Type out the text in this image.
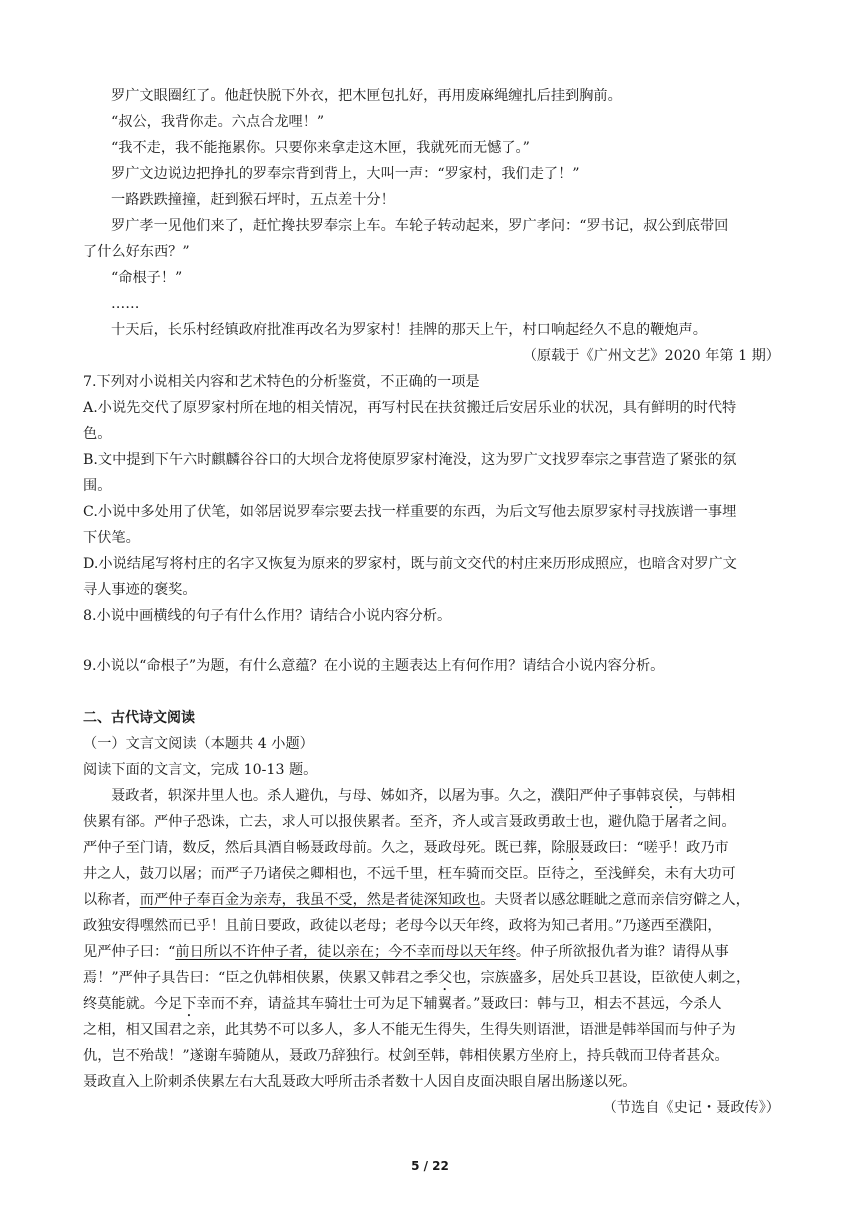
罗广文眼圈红了。他赶快脱下外衣，把木匣包扎好，再用废麻绳缠扎后挂到胸前。
“叔公，我背你走。六点合龙哩！”
“我不走，我不能拖累你。只要你来拿走这木匣，我就死而无憾了。”
罗广文边说边把挣扎的罗奉宗背到背上，大叫一声：“罗家村，我们走了！”
一路跌跌撞撞，赶到猴石坪时，五点差十分！
罗广孝一见他们来了，赶忙搀扶罗奉宗上车。车轮子转动起来，罗广孝问：“罗书记，叔公到底带回
了什么好东西？”
“命根子！”
……
十天后，长乐村经镇政府批准再改名为罗家村！挂牌的那天上午，村口响起经久不息的鞭炮声。
（原载于《广州文艺》2020 年第 1 期）
7.下列对小说相关内容和艺术特色的分析鉴赏，不正确的一项是
A.小说先交代了原罗家村所在地的相关情况，再写村民在扶贫搬迁后安居乐业的状况，具有鲜明的时代特
色。
B.文中提到下午六时麒麟谷谷口的大坝合龙将使原罗家村淹没，这为罗广文找罗奉宗之事营造了紧张的氛
围。
C.小说中多处用了伏笔，如邻居说罗奉宗要去找一样重要的东西，为后文写他去原罗家村寻找族谱一事埋
下伏笔。
D.小说结尾写将村庄的名字又恢复为原来的罗家村，既与前文交代的村庄来历形成照应，也暗含对罗广文
寻人事迹的褒奖。
8.小说中画横线的句子有什么作用？请结合小说内容分析。
9.小说以“命根子”为题，有什么意蕴？在小说的主题表达上有何作用？请结合小说内容分析。
二、古代诗文阅读
（一）文言文阅读（本题共 4 小题）
阅读下面的文言文，完成 10-13 题。
聂政者，轵深井里人也。杀人避仇，与母、姊如齐，以屠为事。久之，濮阳严仲子事韩哀侯，与韩相
侠累有郤。严仲子恐诛，亡去，求人可以报侠累者。至齐，齐人或言聂政勇敢士也，避仇隐于屠者之间。
严仲子至门请，数反，然后具酒自畅聂政母前。久之，聂政母死。既已葬，除服聂政曰：“嗟乎！政乃市
井之人，鼓刀以屠；而严子乃诸侯之卿相也，不远千里，枉车骑而交臣。臣待之，至浅鲜矣，未有大功可
以称者，而严仲子奉百金为亲寿，我虽不受，然是者徒深知政也。夫贤者以感忿睚眦之意而亲信穷僻之人，
政独安得嘿然而已乎！且前日要政，政徒以老母；老母今以天年终，政将为知己者用。”乃遂西至濮阳，
见严仲子曰：“前日所以不许仲子者，徒以亲在；今不幸而母以天年终。仲子所欲报仇者为谁？请得从事
焉！”严仲子具告曰：“臣之仇韩相侠累，侠累又韩君之季父也，宗族盛多，居处兵卫甚设，臣欲使人刺之，
终莫能就。今足下幸而不弃，请益其车骑壮士可为足下辅翼者。”聂政曰：韩与卫，相去不甚远，今杀人
之相，相又国君之亲，此其势不可以多人，多人不能无生得失，生得失则语泄，语泄是韩举国而与仲子为
仇，岂不殆哉！”遂谢车骑随从，聂政乃辞独行。杖剑至韩，韩相侠累方坐府上，持兵戟而卫侍者甚众。
聂政直入上阶刺杀侠累左右大乱聂政大呼所击杀者数十人因自皮面决眼自屠出肠遂以死。
（节选自《史记・聂政传》）
5 / 22
